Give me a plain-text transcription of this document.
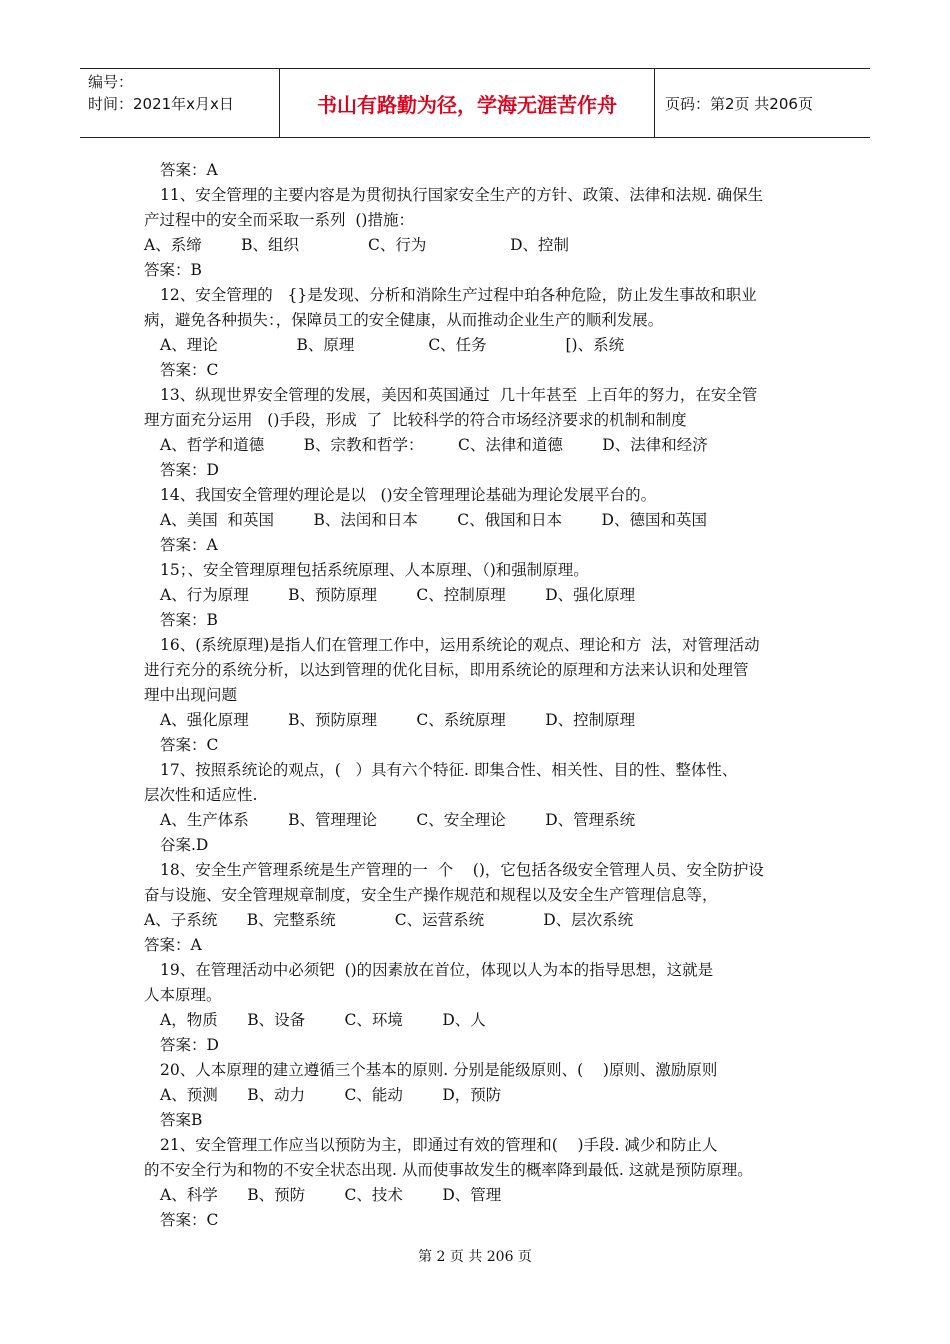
编号：
时间：2021年x月x日	书山有路勤为径，学海无涯苦作舟	页码：第2页 共206页
答案：A
11、安全管理的主要内容是为贯彻执行国家安全生产的方针、政策、法律和法规. 确保生
产过程中的安全而采取一系列  ()措施：
A、系缔        B、组织              C、行为                 D、控制
答案：B
12、安全管理的   {}是发现、分析和消除生产过程中珀各种危险，防止发生事故和职业
病，避免各种损失：，保障员工的安全健康，从而推动企业生产的顺利发展。
A、理论                B、原理               C、任务                [)、系统
答案：C
13、纵现世界安全管理的发展，美因和英国通过  几十年甚至  上百年的努力，在安全管
理方面充分运用   ()手段，形成  了  比较科学的符合市场经济要求的机制和制度
A、哲学和道德        B、宗教和哲学：       C、法律和道德        D、法律和经济
答案：D
14、我国安全管理妁理论是以   ()安全管理理论基础为理论发展平台的。
A、美国  和英国        B、法闰和日本        C、俄国和日本        D、德国和英国
答案：A
15；、安全管理原理包括系统原理、人本原理、（)和强制原理。
A、行为原理        B、预防原理        C、控制原理        D、强化原理
答案：B
16、(系统原理)是指人们在管理工作中，运用系统论的观点、理论和方  法，对管理活动
进行充分的系统分析，以达到管理的优化目标，即用系统论的原理和方法来认识和处理管
理中出现问题
A、强化原理        B、预防原理        C、系统原理        D、控制原理
答案：C
17、按照系统论的观点，(   ）具有六个特征. 即集合性、相关性、目的性、整体性、
层次性和适应性.
A、生产体系        B、管理理论        C、安全理论        D、管理系统
谷案.D
18、安全生产管理系统是生产管理的一  个    ()，它包括各级安全管理人员、安全防护设
奋与设施、安全管理规章制度，安全生产操作规范和规程以及安全生产管理信息等，
A、子系统      B、完整系统            C、运营系统            D、层次系统
答案：A
19、在管理活动中必须钯  ()的因素放在首位，体现以人为本的指导思想，这就是
人本原理。
A，物质      B、设备        C、环境        D、人
答案：D
20、人本原理的建立遵循三个基本的原则. 分别是能级原则、(    )原则、激励原则
A、预测      B、动力        C、能动        D，预防
答案B
21、安全管理工作应当以预防为主，即通过有效的管理和(    )手段. 减少和防止人
的不安全行为和物的不安全状态出现. 从而使事故发生的概率降到最低. 这就是预防原理。
A、科学      B、预防        C、技术        D、管理
答案：C
第 2 页 共 206 页
